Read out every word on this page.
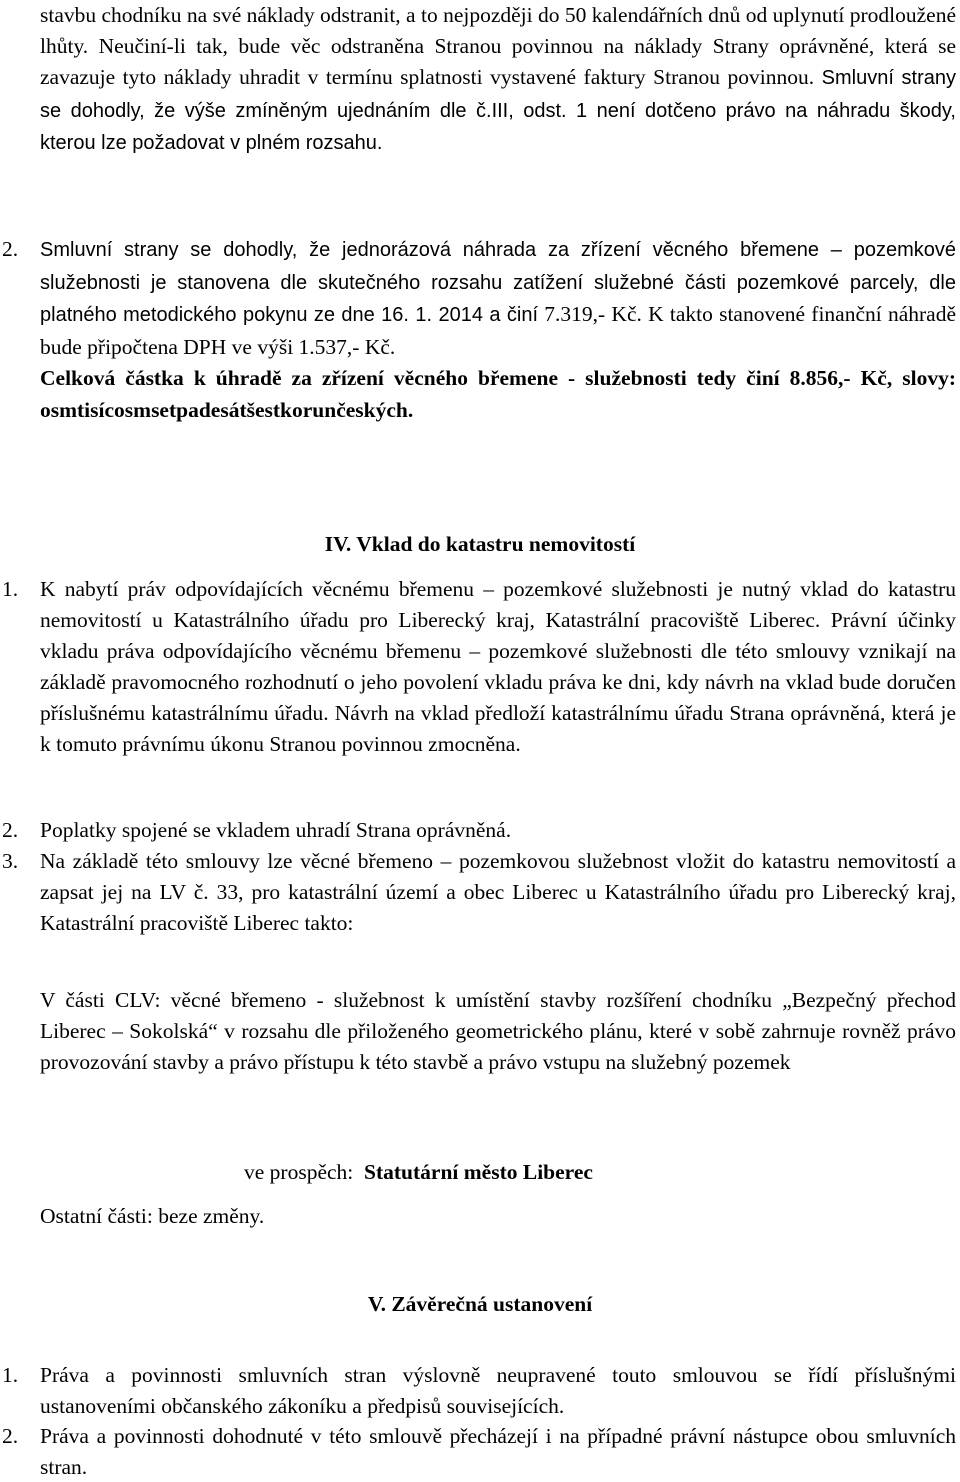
stavbu chodníku na své náklady odstranit, a to nejpozději do 50 kalendářních dnů od uplynutí prodloužené lhůty. Neučiní-li tak, bude věc odstraněna Stranou povinnou na náklady Strany oprávněné, která se zavazuje tyto náklady uhradit v termínu splatnosti vystavené faktury Stranou povinnou. Smluvní strany se dohodly, že výše zmíněným ujednáním dle č.III, odst. 1 není dotčeno právo na náhradu škody, kterou lze požadovat v plném rozsahu.

2. Smluvní strany se dohodly, že jednorázová náhrada za zřízení věcného břemene – pozemkové služebnosti je stanovena dle skutečného rozsahu zatížení služebné části pozemkové parcely, dle platného metodického pokynu ze dne 16. 1. 2014 a činí 7.319,- Kč. K takto stanovené finanční náhradě bude připočtena DPH ve výši 1.537,- Kč.

Celková částka k úhradě za zřízení věcného břemene - služebnosti tedy činí 8.856,- Kč, slovy: osmtisícosmsetpadesátšestkorunčeských.

IV. Vklad do katastru nemovitostí
1. K nabytí práv odpovídajících věcnému břemenu – pozemkové služebnosti je nutný vklad do katastru nemovitostí u Katastrálního úřadu pro Liberecký kraj, Katastrální pracoviště Liberec. Právní účinky vkladu práva odpovídajícího věcnému břemenu – pozemkové služebnosti dle této smlouvy vznikají na základě pravomocného rozhodnutí o jeho povolení vkladu práva ke dni, kdy návrh na vklad bude doručen příslušnému katastrálnímu úřadu. Návrh na vklad předloží katastrálnímu úřadu Strana oprávněná, která je k tomuto právnímu úkonu Stranou povinnou zmocněna.
2. Poplatky spojené se vkladem uhradí Strana oprávněná.
3. Na základě této smlouvy lze věcné břemeno – pozemkovou služebnost vložit do katastru nemovitostí a zapsat jej na LV č. 33, pro katastrální území a obec Liberec u Katastrálního úřadu pro Liberecký kraj, Katastrální pracoviště Liberec takto:

V části CLV: věcné břemeno - služebnost k umístění stavby rozšíření chodníku „Bezpečný přechod Liberec – Sokolská“ v rozsahu dle přiloženého geometrického plánu, které v sobě zahrnuje rovněž právo provozování stavby a právo přístupu k této stavbě a právo vstupu na služebný pozemek

ve prospěch: Statutární město Liberec
Ostatní části: beze změny.
V. Závěrečná ustanovení
1. Práva a povinnosti smluvních stran výslovně neupravené touto smlouvou se řídí příslušnými ustanoveními občanského zákoníku a předpisů souvisejících.
2. Práva a povinnosti dohodnuté v této smlouvě přecházejí i na případné právní nástupce obou smluvních stran.
